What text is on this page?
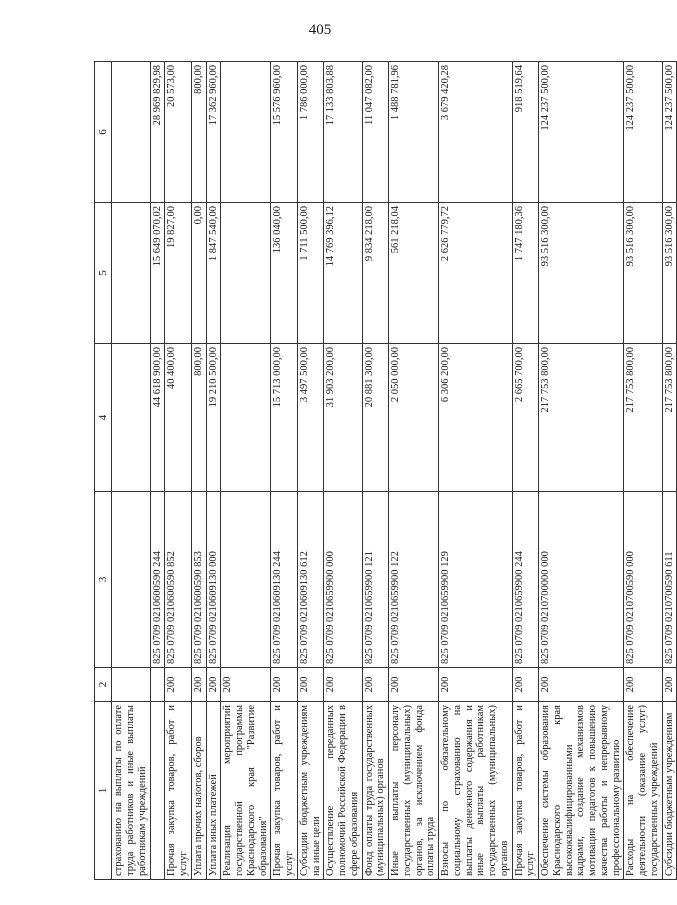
405
1	2	3	4	5	6
страхованию на выплаты по оплате труда работников и иные выплаты работникам учреждений					
		825 0709 0210600590 244	44 618 900,00	15 649 070,02	28 969 829,98
Прочая закупка товаров, работ и услуг	200	825 0709 0210600590 852	40 400,00	19 827,00	20 573,00
Уплата прочих налогов, сборов	200	825 0709 0210600590 853	800,00	0,00	800,00
Уплата иных платежей	200	825 0709 0210609130 000	19 210 500,00	1 847 540,00	17 362 960,00
Реализация мероприятий государственной программы Краснодарского края "Развитие образования"	200				
Прочая закупка товаров, работ и услуг	200	825 0709 0210609130 244	15 713 000,00	136 040,00	15 576 960,00
Субсидии бюджетным учреждениям на иные цели	200	825 0709 0210609130 612	3 497 500,00	1 711 500,00	1 786 000,00
Осуществление переданных полномочий Российской Федерации в сфере образования	200	825 0709 0210659900 000	31 903 200,00	14 769 396,12	17 133 803,88
Фонд оплаты труда государственных (муниципальных) органов	200	825 0709 0210659900 121	20 881 300,00	9 834 218,00	11 047 082,00
Иные выплаты персоналу государственных (муниципальных) органов, за исключением фонда оплаты труда	200	825 0709 0210659900 122	2 050 000,00	561 218,04	1 488 781,96
Взносы по обязательному социальному страхованию на выплаты денежного содержания и иные выплаты работникам государственных (муниципальных) органов	200	825 0709 0210659900 129	6 306 200,00	2 626 779,72	3 679 420,28
Прочая закупка товаров, работ и услуг	200	825 0709 0210659900 244	2 665 700,00	1 747 180,36	918 519,64
Обеспечение системы образования Краснодарского края высококвалифицированными кадрами, создание механизмов мотивации педагогов к повышению качества работы и непрерывному профессиональному развитию	200	825 0709 0210700000 000	217 753 800,00	93 516 300,00	124 237 500,00
Расходы на обеспечение деятельности (оказание услуг) государственных учреждений	200	825 0709 0210700590 000	217 753 800,00	93 516 300,00	124 237 500,00
Субсидии бюджетным учреждениям	200	825 0709 0210700590 611	217 753 800,00	93 516 300,00	124 237 500,00
